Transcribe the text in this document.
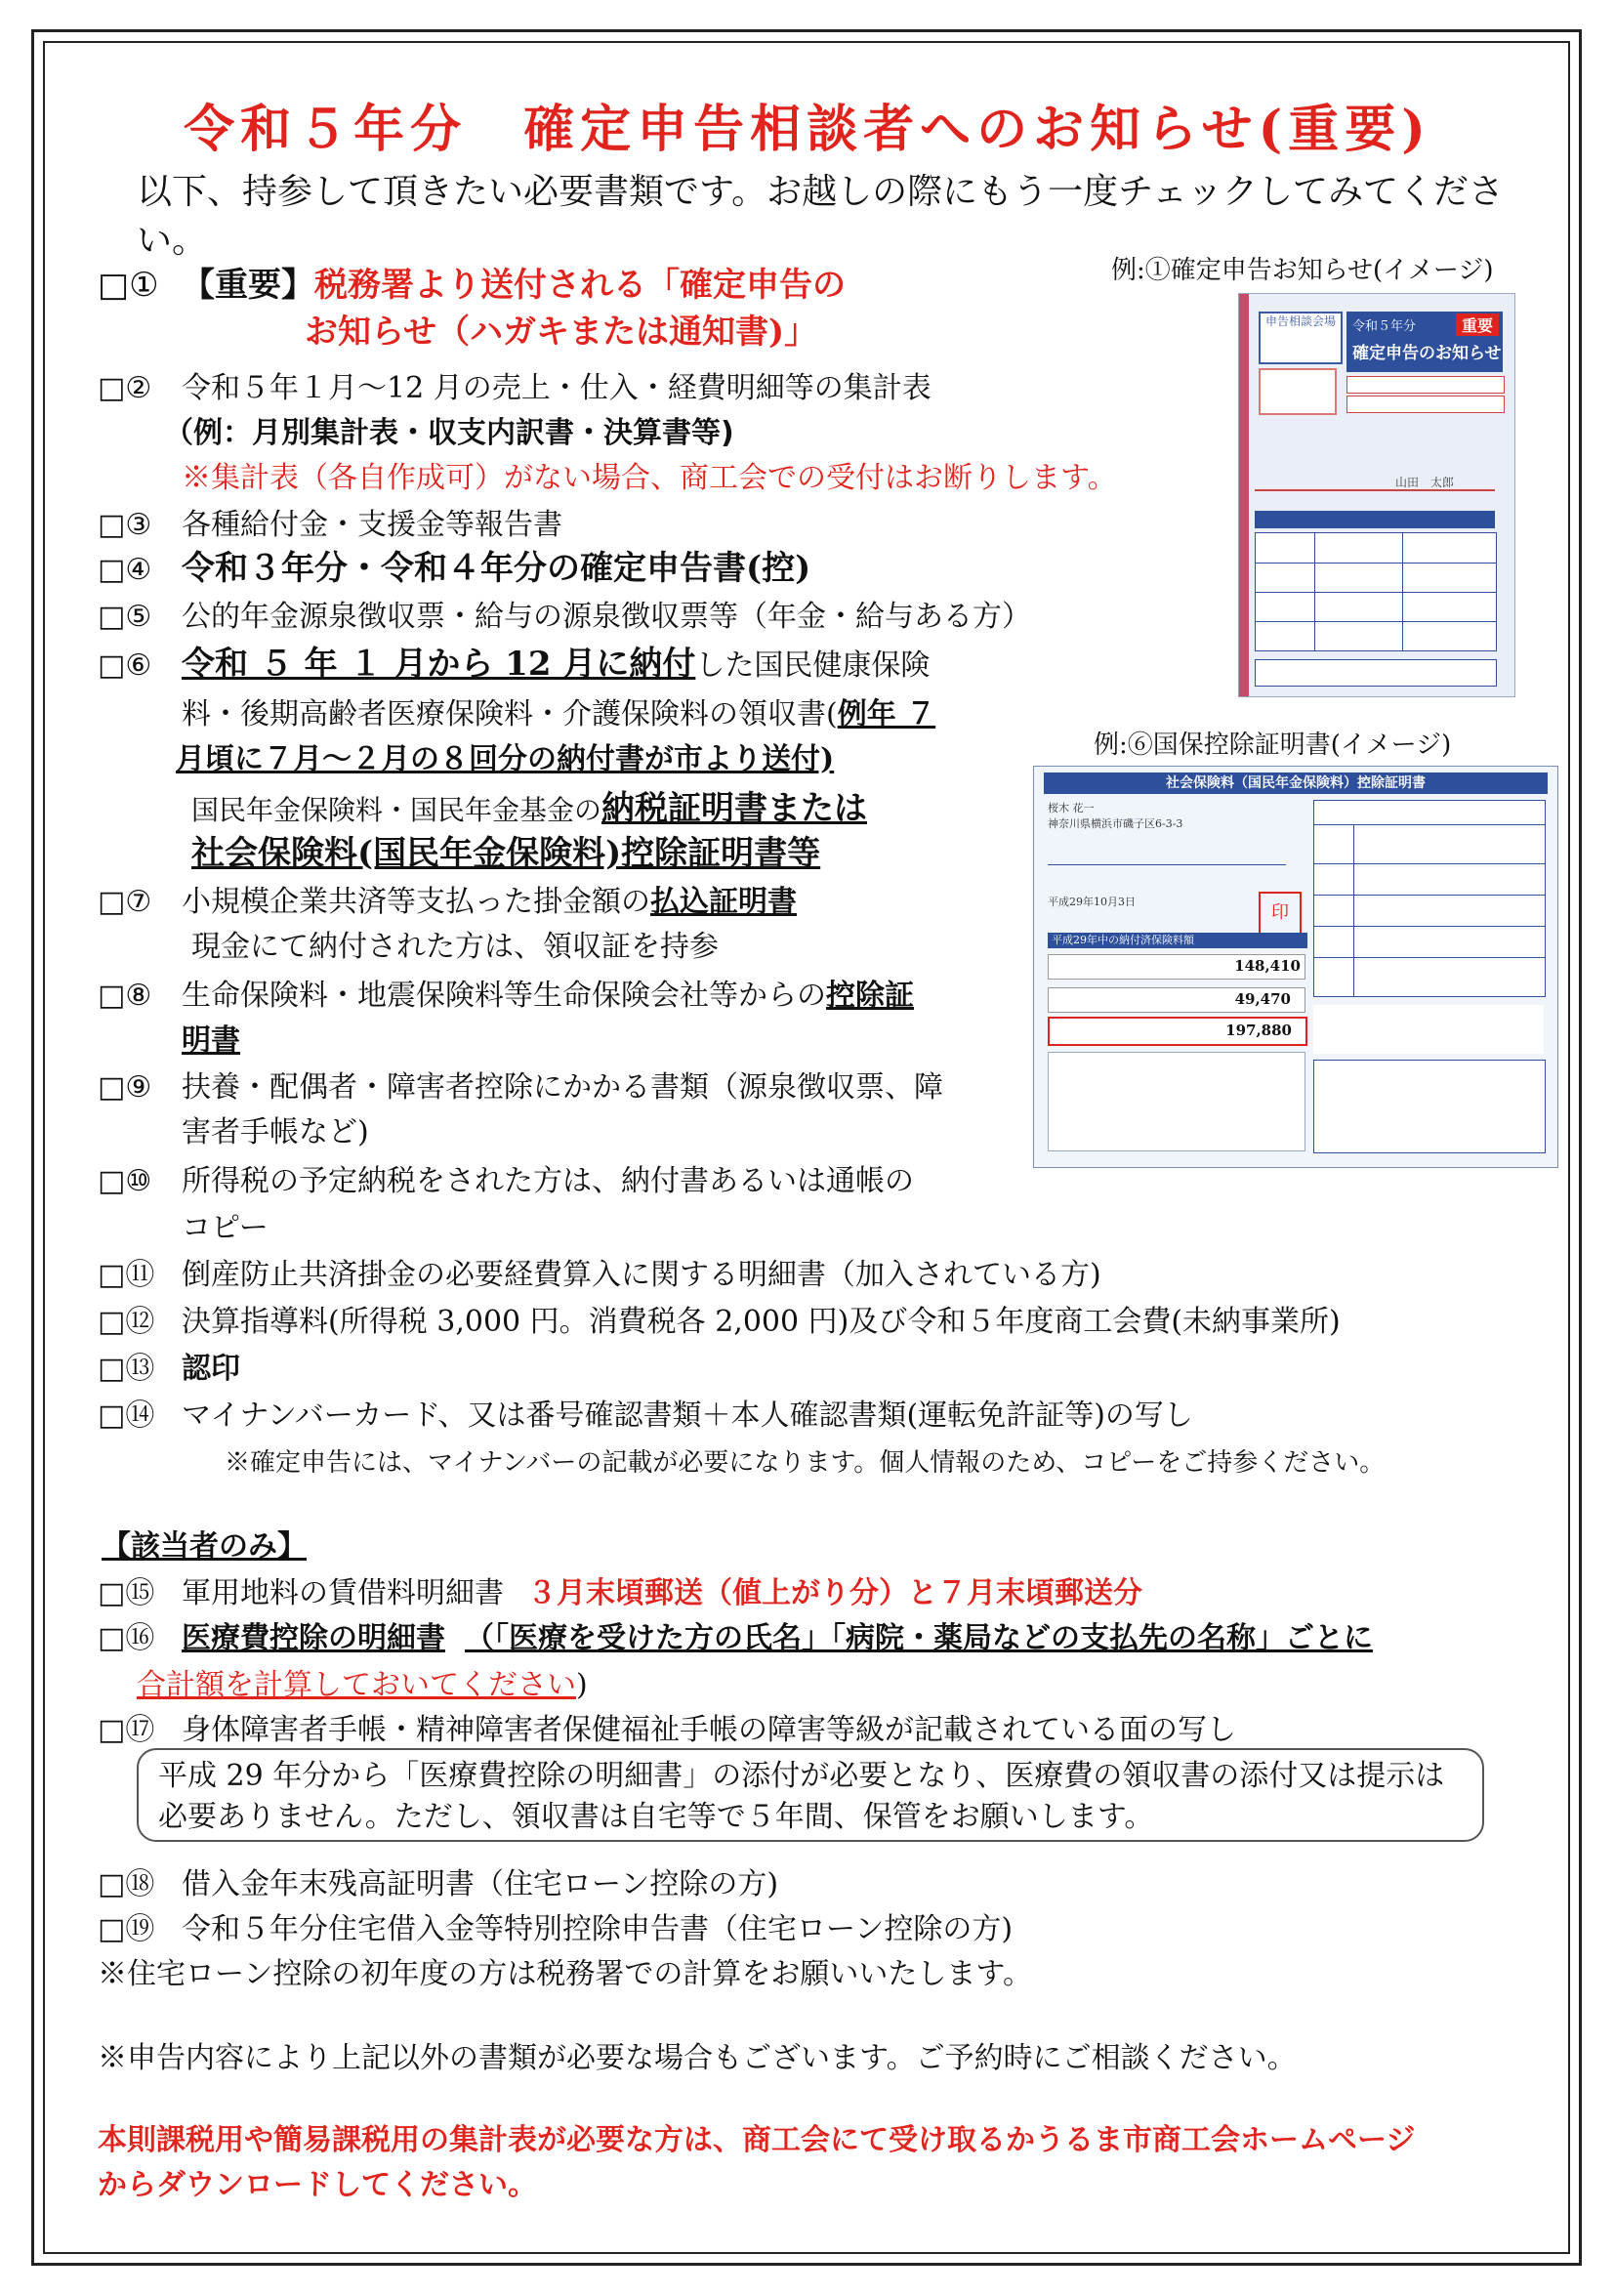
令和５年分　確定申告相談者へのお知らせ(重要)
以下、持参して頂きたい必要書類です。お越しの際にもう一度チェックしてみてください。
□① 【重要】税務署より送付される「確定申告の
お知らせ（ハガキまたは通知書)」
□② 令和５年１月～12 月の売上・仕入・経費明細等の集計表
（例：月別集計表・収支内訳書・決算書等)
※集計表（各自作成可）がない場合、商工会での受付はお断りします。
□③ 各種給付金・支援金等報告書
□④ 令和３年分・令和４年分の確定申告書(控)
□⑤ 公的年金源泉徴収票・給与の源泉徴収票等（年金・給与ある方）
□⑥ 令和 ５ 年 １ 月から 12 月に納付した国民健康保険
料・後期高齢者医療保険料・介護保険料の領収書(例年 ７
月頃に７月～２月の８回分の納付書が市より送付)
国民年金保険料・国民年金基金の納税証明書または
社会保険料(国民年金保険料)控除証明書等
□⑦ 小規模企業共済等支払った掛金額の払込証明書
現金にて納付された方は、領収証を持参
□⑧ 生命保険料・地震保険料等生命保険会社等からの控除証
明書
□⑨ 扶養・配偶者・障害者控除にかかる書類（源泉徴収票、障
害者手帳など)
□⑩ 所得税の予定納税をされた方は、納付書あるいは通帳の
コピー
□⑪ 倒産防止共済掛金の必要経費算入に関する明細書（加入されている方)
□⑫ 決算指導料(所得税 3,000 円。消費税各 2,000 円)及び令和５年度商工会費(未納事業所)
□⑬ 認印
□⑭ マイナンバーカード、又は番号確認書類＋本人確認書類(運転免許証等)の写し
※確定申告には、マイナンバーの記載が必要になります。個人情報のため、コピーをご持参ください。
【該当者のみ】
□⑮ 軍用地料の賃借料明細書 ３月末頃郵送（値上がり分）と７月末頃郵送分
□⑯ 医療費控除の明細書 （「医療を受けた方の氏名」「病院・薬局などの支払先の名称」ごとに
合計額を計算しておいてください)
□⑰ 身体障害者手帳・精神障害者保健福祉手帳の障害等級が記載されている面の写し
平成 29 年分から「医療費控除の明細書」の添付が必要となり、医療費の領収書の添付又は提示は必要ありません。ただし、領収書は自宅等で５年間、保管をお願いします。
□⑱ 借入金年末残高証明書（住宅ローン控除の方)
□⑲ 令和５年分住宅借入金等特別控除申告書（住宅ローン控除の方)
※住宅ローン控除の初年度の方は税務署での計算をお願いいたします。
※申告内容により上記以外の書類が必要な場合もございます。ご予約時にご相談ください。
本則課税用や簡易課税用の集計表が必要な方は、商工会にて受け取るかうるま市商工会ホームページ
からダウンロードしてください。
例:①確定申告お知らせ(イメージ)
申告相談会場	令和５年分	重要
確定申告のお知らせ
山田　太郎
例:⑥国保控除証明書(イメージ)
社会保険料（国民年金保険料）控除証明書
桜木 花一
神奈川県横浜市磯子区6-3-3
平成29年10月3日
印
平成29年中の納付済保険料額
148,410
49,470
197,880
